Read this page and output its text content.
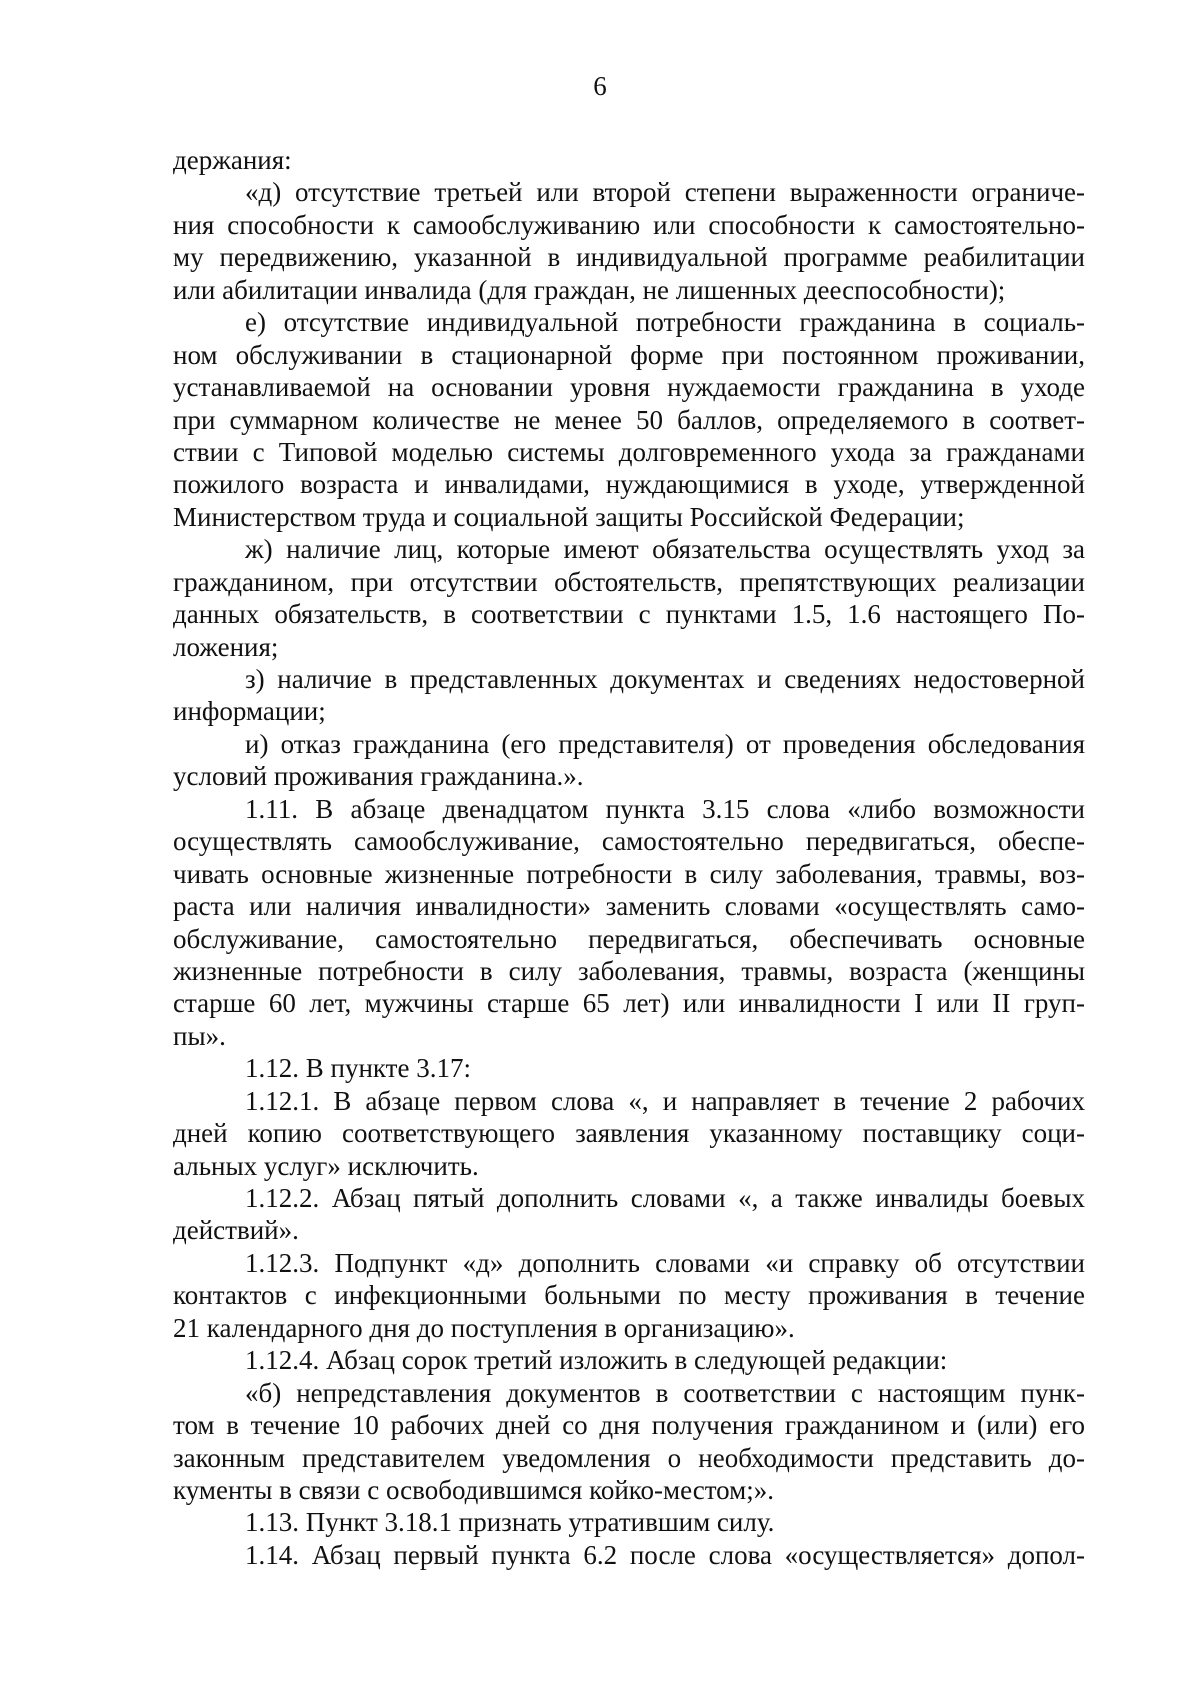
6
держания:
«д) отсутствие третьей или второй степени выраженности ограниче-
ния способности к самообслуживанию или способности к самостоятельно-
му передвижению, указанной в индивидуальной программе реабилитации
или абилитации инвалида (для граждан, не лишенных дееспособности);
е) отсутствие индивидуальной потребности гражданина в социаль-
ном обслуживании в стационарной форме при постоянном проживании,
устанавливаемой на основании уровня нуждаемости гражданина в уходе
при суммарном количестве не менее 50 баллов, определяемого в соответ-
ствии с Типовой моделью системы долговременного ухода за гражданами
пожилого возраста и инвалидами, нуждающимися в уходе, утвержденной
Министерством труда и социальной защиты Российской Федерации;
ж) наличие лиц, которые имеют обязательства осуществлять уход за
гражданином, при отсутствии обстоятельств, препятствующих реализации
данных обязательств, в соответствии с пунктами 1.5, 1.6 настоящего По-
ложения;
з) наличие в представленных документах и сведениях недостоверной
информации;
и) отказ гражданина (его представителя) от проведения обследования
условий проживания гражданина.».
1.11. В абзаце двенадцатом пункта 3.15 слова «либо возможности
осуществлять самообслуживание, самостоятельно передвигаться, обеспе-
чивать основные жизненные потребности в силу заболевания, травмы, воз-
раста или наличия инвалидности» заменить словами «осуществлять само-
обслуживание, самостоятельно передвигаться, обеспечивать основные
жизненные потребности в силу заболевания, травмы, возраста (женщины
старше 60 лет, мужчины старше 65 лет) или инвалидности I или II груп-
пы».
1.12. В пункте 3.17:
1.12.1. В абзаце первом слова «, и направляет в течение 2 рабочих
дней копию соответствующего заявления указанному поставщику соци-
альных услуг» исключить.
1.12.2. Абзац пятый дополнить словами «, а также инвалиды боевых
действий».
1.12.3. Подпункт «д» дополнить словами «и справку об отсутствии
контактов с инфекционными больными по месту проживания в течение
21 календарного дня до поступления в организацию».
1.12.4. Абзац сорок третий изложить в следующей редакции:
«б) непредставления документов в соответствии с настоящим пунк-
том в течение 10 рабочих дней со дня получения гражданином и (или) его
законным представителем уведомления о необходимости представить до-
кументы в связи с освободившимся койко-местом;».
1.13. Пункт 3.18.1 признать утратившим силу.
1.14. Абзац первый пункта 6.2 после слова «осуществляется» допол-
